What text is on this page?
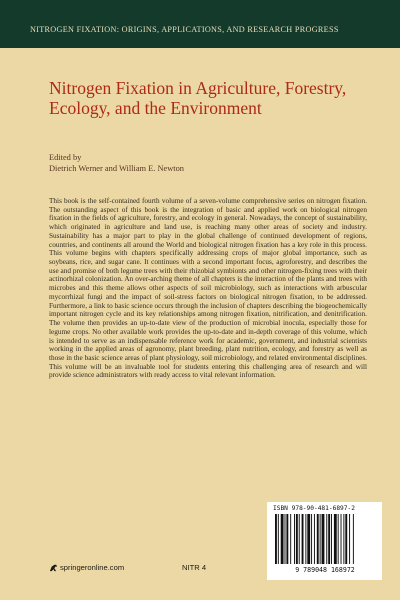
NITROGEN FIXATION: ORIGINS, APPLICATIONS, AND RESEARCH PROGRESS
Nitrogen Fixation in Agriculture, Forestry, Ecology, and the Environment
Edited by
Dietrich Werner and William E. Newton
This book is the self-contained fourth volume of a seven-volume comprehensive series on nitrogen fixation. The outstanding aspect of this book is the integration of basic and applied work on biological nitrogen fixation in the fields of agriculture, forestry, and ecology in general. Nowadays, the concept of sustainability, which originated in agriculture and land use, is reaching many other areas of society and industry. Sustainability has a major part to play in the global challenge of continued development of regions, countries, and continents all around the World and biological nitrogen fixation has a key role in this process. This volume begins with chapters specifically addressing crops of major global importance, such as soybeans, rice, and sugar cane. It continues with a second important focus, agroforestry, and describes the use and promise of both legume trees with their rhizobial symbionts and other nitrogen-fixing trees with their actinorhizal colonization. An over-arching theme of all chapters is the interaction of the plants and trees with microbes and this theme allows other aspects of soil microbiology, such as interactions with arbuscular mycorrhizal fungi and the impact of soil-stress factors on biological nitrogen fixation, to be addressed. Furthermore, a link to basic science occurs through the inclusion of chapters describing the biogeochemically important nitrogen cycle and its key relationships among nitrogen fixation, nitrification, and denitrification. The volume then provides an up-to-date view of the production of microbial inocula, especially those for legume crops. No other available work provides the up-to-date and in-depth coverage of this volume, which is intended to serve as an indispensable reference work for academic, government, and industrial scientists working in the applied areas of agronomy, plant breeding, plant nutrition, ecology, and forestry as well as those in the basic science areas of plant physiology, soil microbiology, and related environmental disciplines. This volume will be an invaluable tool for students entering this challenging area of research and will provide science administrators with ready access to vital relevant information.
ISBN 978-90-481-6897-2
9 789048 168972
springeronline.com	NITR 4
